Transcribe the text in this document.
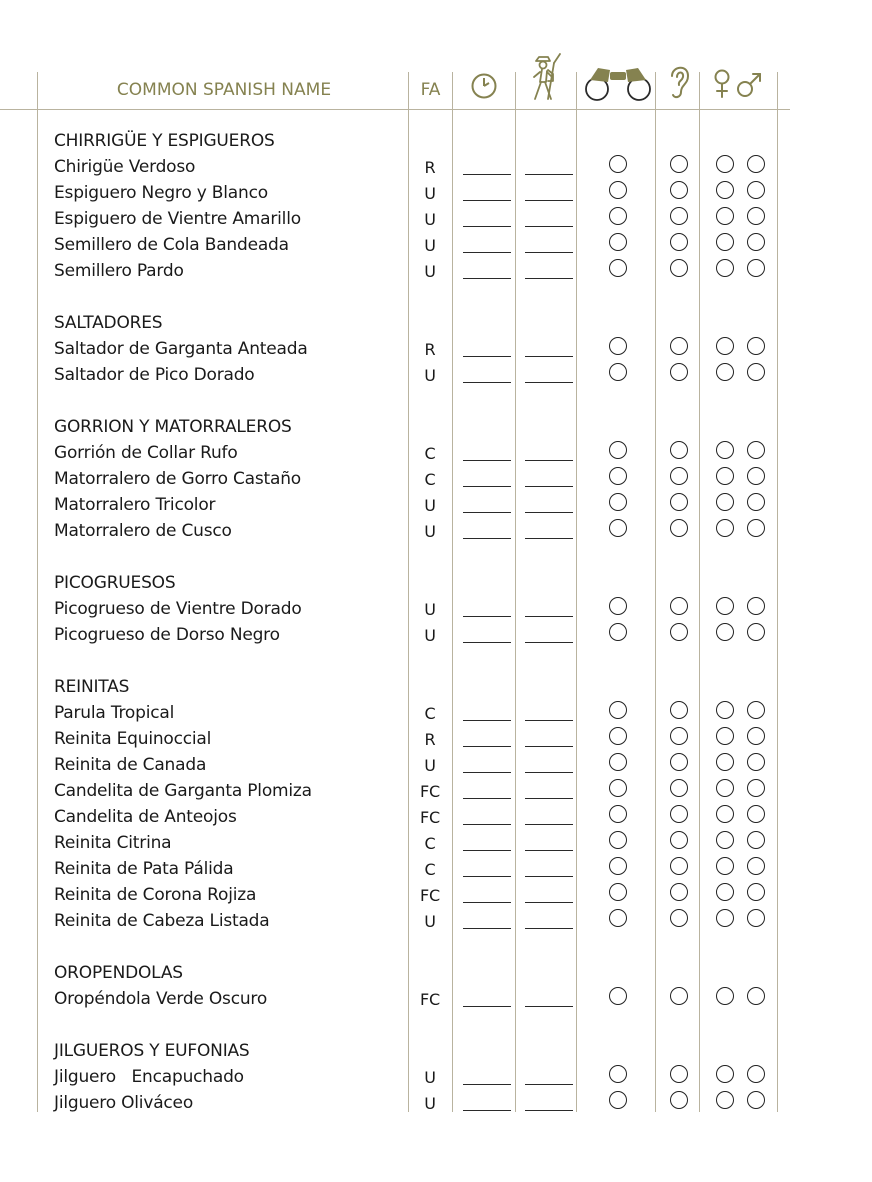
COMMON SPANISH NAME	FA
CHIRRIGÜE Y ESPIGUEROS
Chirigüe Verdoso	R
Espiguero Negro y Blanco	U
Espiguero de Vientre Amarillo	U
Semillero de Cola Bandeada	U
Semillero Pardo	U
SALTADORES
Saltador de Garganta Anteada	R
Saltador de Pico Dorado	U
GORRION Y MATORRALEROS
Gorrión de Collar Rufo	C
Matorralero de Gorro Castaño	C
Matorralero Tricolor	U
Matorralero de Cusco	U
PICOGRUESOS
Picogrueso de Vientre Dorado	U
Picogrueso de Dorso Negro	U
REINITAS
Parula Tropical	C
Reinita Equinoccial	R
Reinita de Canada	U
Candelita de Garganta Plomiza	FC
Candelita de Anteojos	FC
Reinita Citrina	C
Reinita de Pata Pálida	C
Reinita de Corona Rojiza	FC
Reinita de Cabeza Listada	U
OROPENDOLAS
Oropéndola Verde Oscuro	FC
JILGUEROS Y EUFONIAS
Jilguero   Encapuchado	U
Jilguero Oliváceo	U
